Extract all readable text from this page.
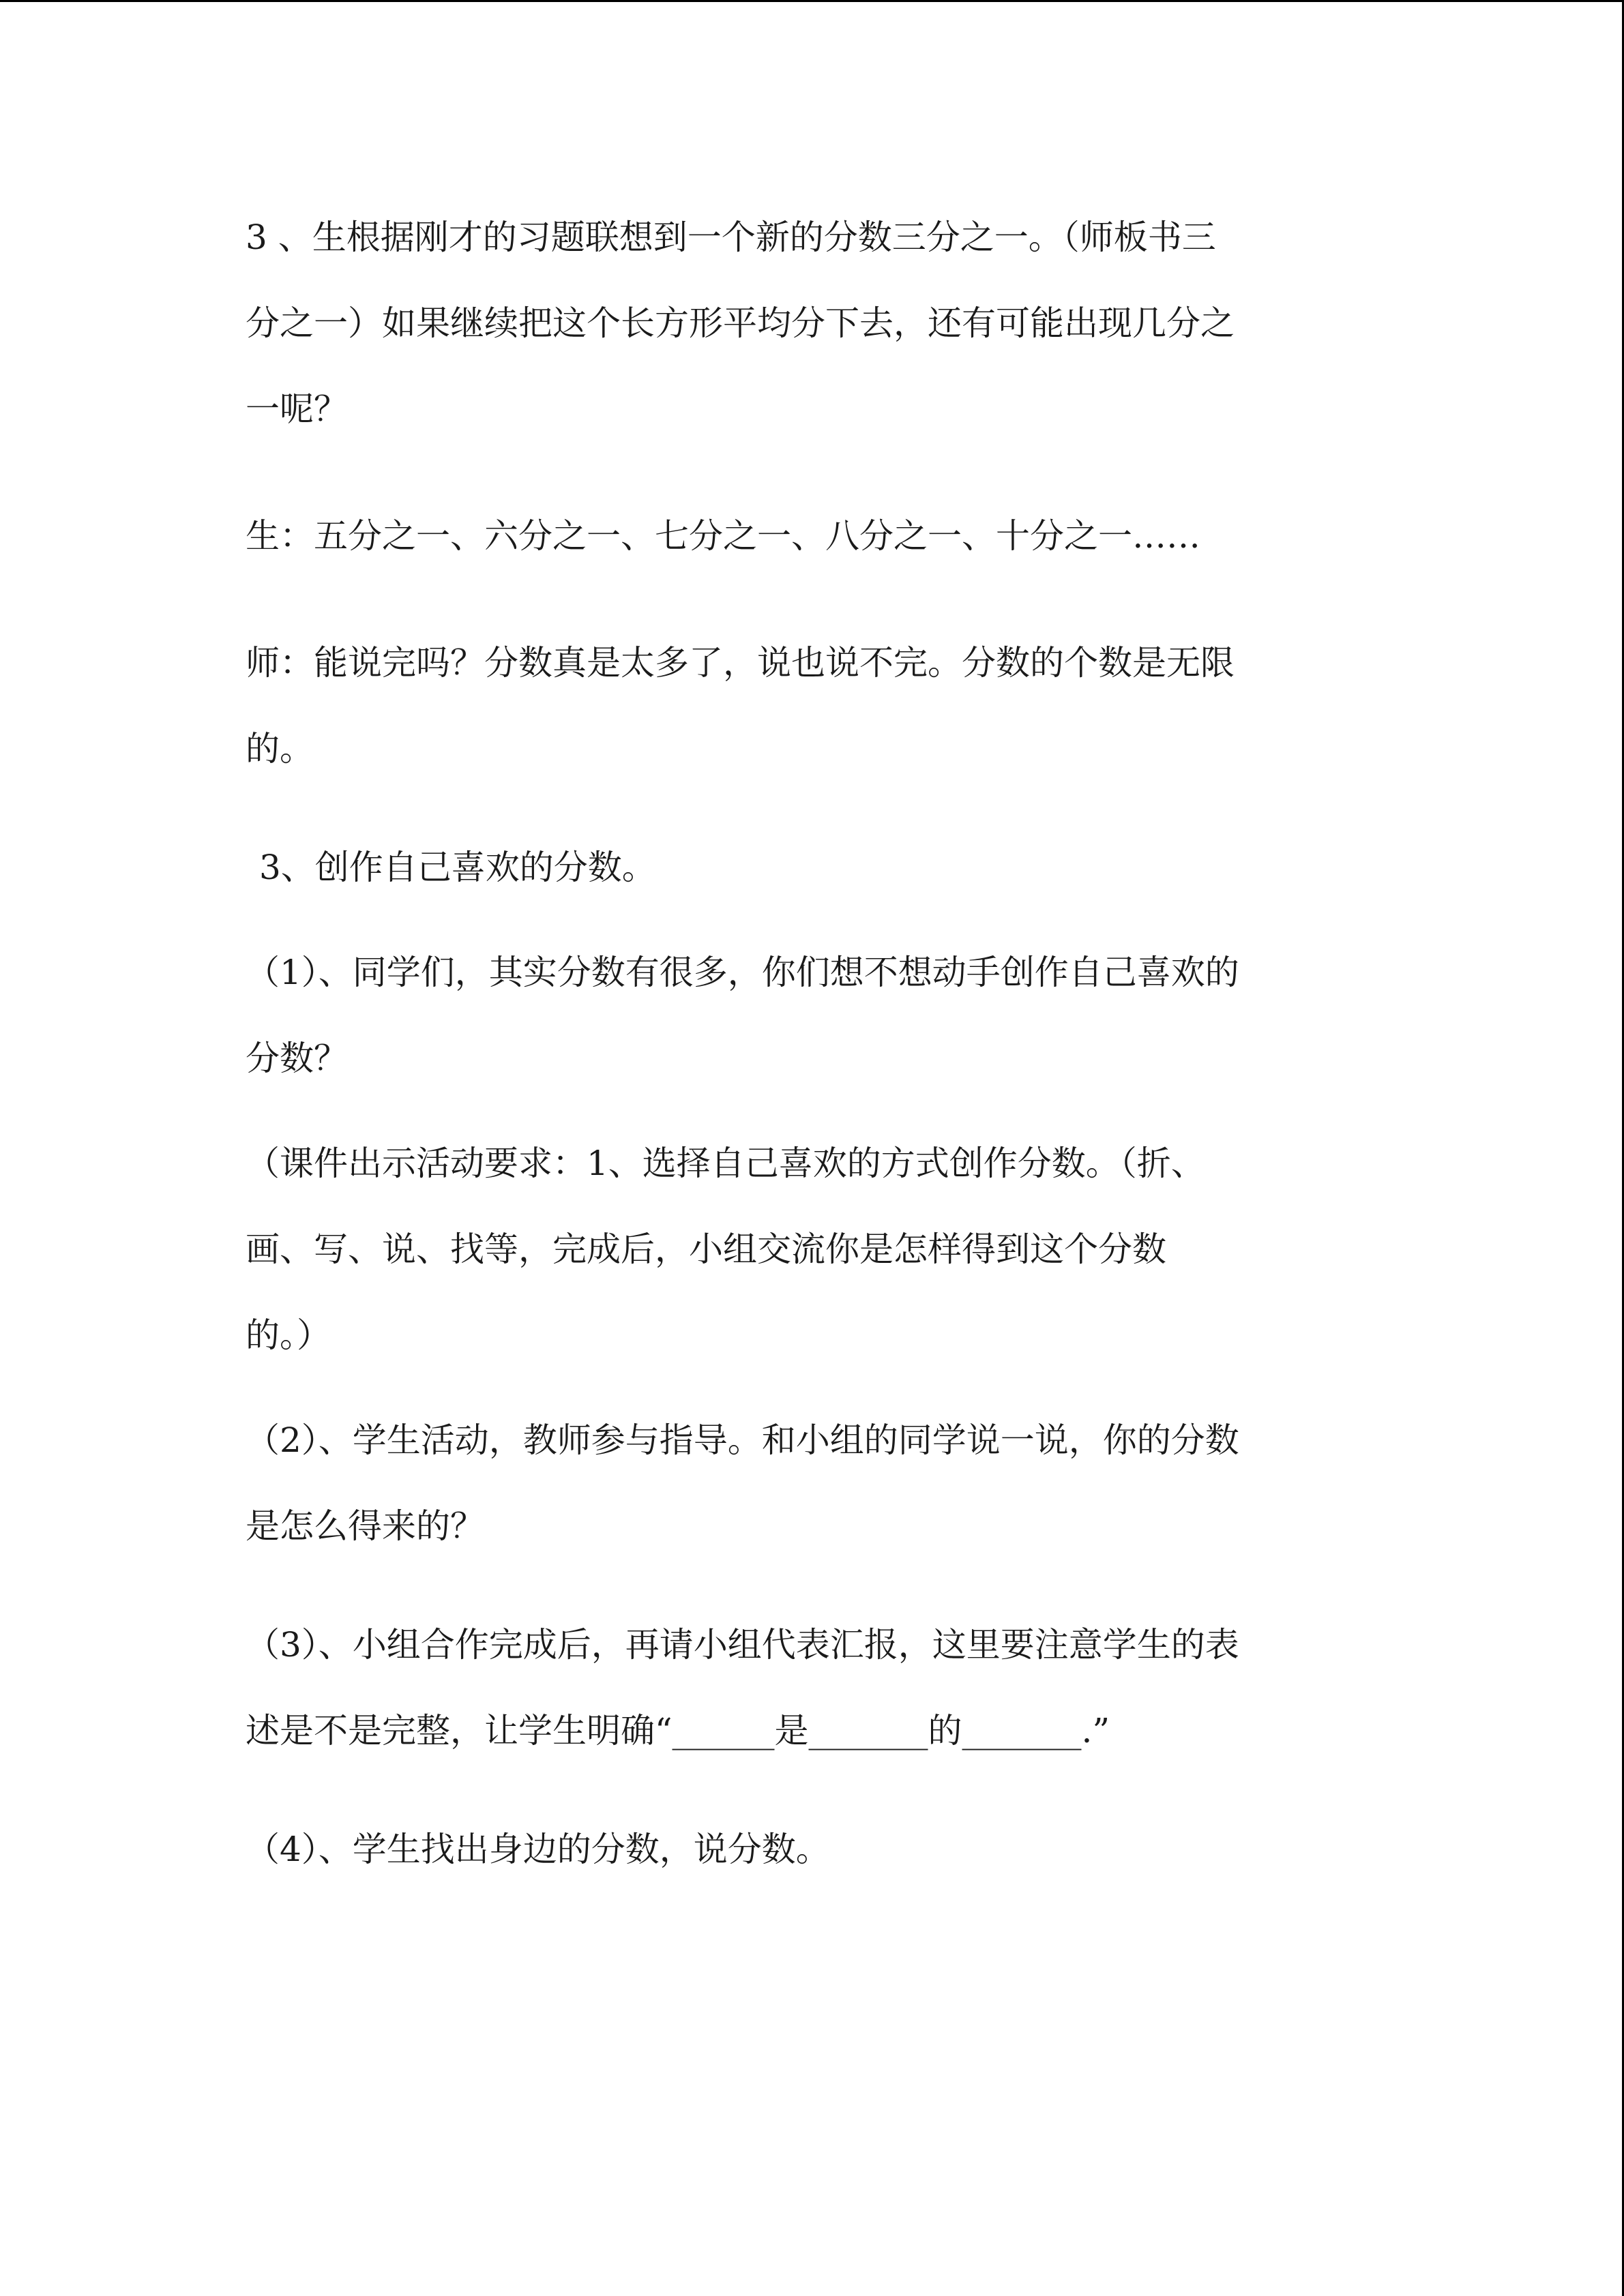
3 、生根据刚才的习题联想到一个新的分数三分之一。（师板书三
分之一）如果继续把这个长方形平均分下去，还有可能出现几分之
一呢？

生：五分之一、六分之一、七分之一、八分之一、十分之一……

师：能说完吗？分数真是太多了，说也说不完。分数的个数是无限
的。

3、创作自己喜欢的分数。

（1）、同学们，其实分数有很多，你们想不想动手创作自己喜欢的
分数？

（课件出示活动要求：1、选择自己喜欢的方式创作分数。（折、
画、写、说、找等，完成后，小组交流你是怎样得到这个分数
的。）

（2）、学生活动，教师参与指导。和小组的同学说一说，你的分数
是怎么得来的？

（3）、小组合作完成后，再请小组代表汇报，这里要注意学生的表
述是不是完整，让学生明确“______是_______的_______.”

（4）、学生找出身边的分数，说分数。
